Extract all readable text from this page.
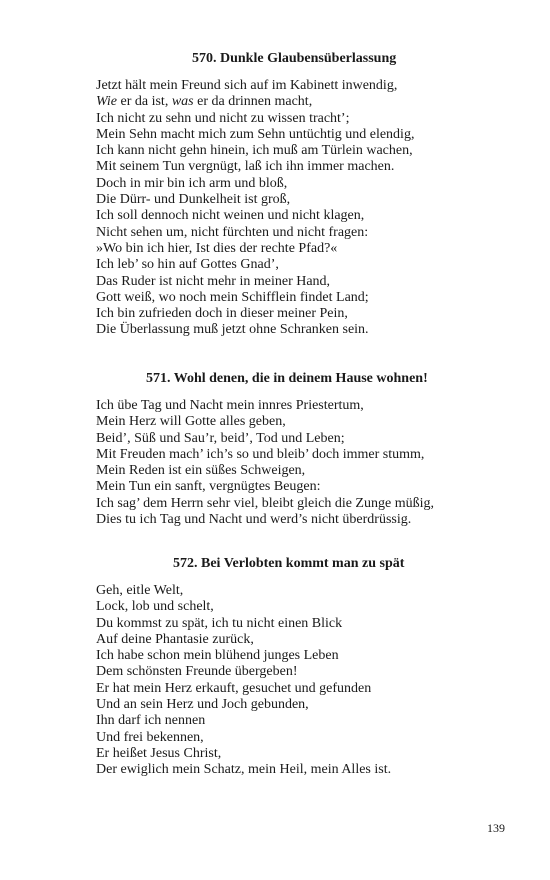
570. Dunkle Glaubensüberlassung
Jetzt hält mein Freund sich auf im Kabinett inwendig,
Wie er da ist, was er da drinnen macht,
Ich nicht zu sehn und nicht zu wissen tracht’;
Mein Sehn macht mich zum Sehn untüchtig und elendig,
Ich kann nicht gehn hinein, ich muß am Türlein wachen,
Mit seinem Tun vergnügt, laß ich ihn immer machen.
Doch in mir bin ich arm und bloß,
Die Dürr- und Dunkelheit ist groß,
Ich soll dennoch nicht weinen und nicht klagen,
Nicht sehen um, nicht fürchten und nicht fragen:
»Wo bin ich hier, Ist dies der rechte Pfad?«
Ich leb’ so hin auf Gottes Gnad’,
Das Ruder ist nicht mehr in meiner Hand,
Gott weiß, wo noch mein Schifflein findet Land;
Ich bin zufrieden doch in dieser meiner Pein,
Die Überlassung muß jetzt ohne Schranken sein.
571. Wohl denen, die in deinem Hause wohnen!
Ich übe Tag und Nacht mein innres Priestertum,
Mein Herz will Gotte alles geben,
Beid’, Süß und Sau’r, beid’, Tod und Leben;
Mit Freuden mach’ ich’s so und bleib’ doch immer stumm,
Mein Reden ist ein süßes Schweigen,
Mein Tun ein sanft, vergnügtes Beugen:
Ich sag’ dem Herrn sehr viel, bleibt gleich die Zunge müßig,
Dies tu ich Tag und Nacht und werd’s nicht überdrüssig.
572. Bei Verlobten kommt man zu spät
Geh, eitle Welt,
Lock, lob und schelt,
Du kommst zu spät, ich tu nicht einen Blick
Auf deine Phantasie zurück,
Ich habe schon mein blühend junges Leben
Dem schönsten Freunde übergeben!
Er hat mein Herz erkauft, gesuchet und gefunden
Und an sein Herz und Joch gebunden,
Ihn darf ich nennen
Und frei bekennen,
Er heißet Jesus Christ,
Der ewiglich mein Schatz, mein Heil, mein Alles ist.
139
